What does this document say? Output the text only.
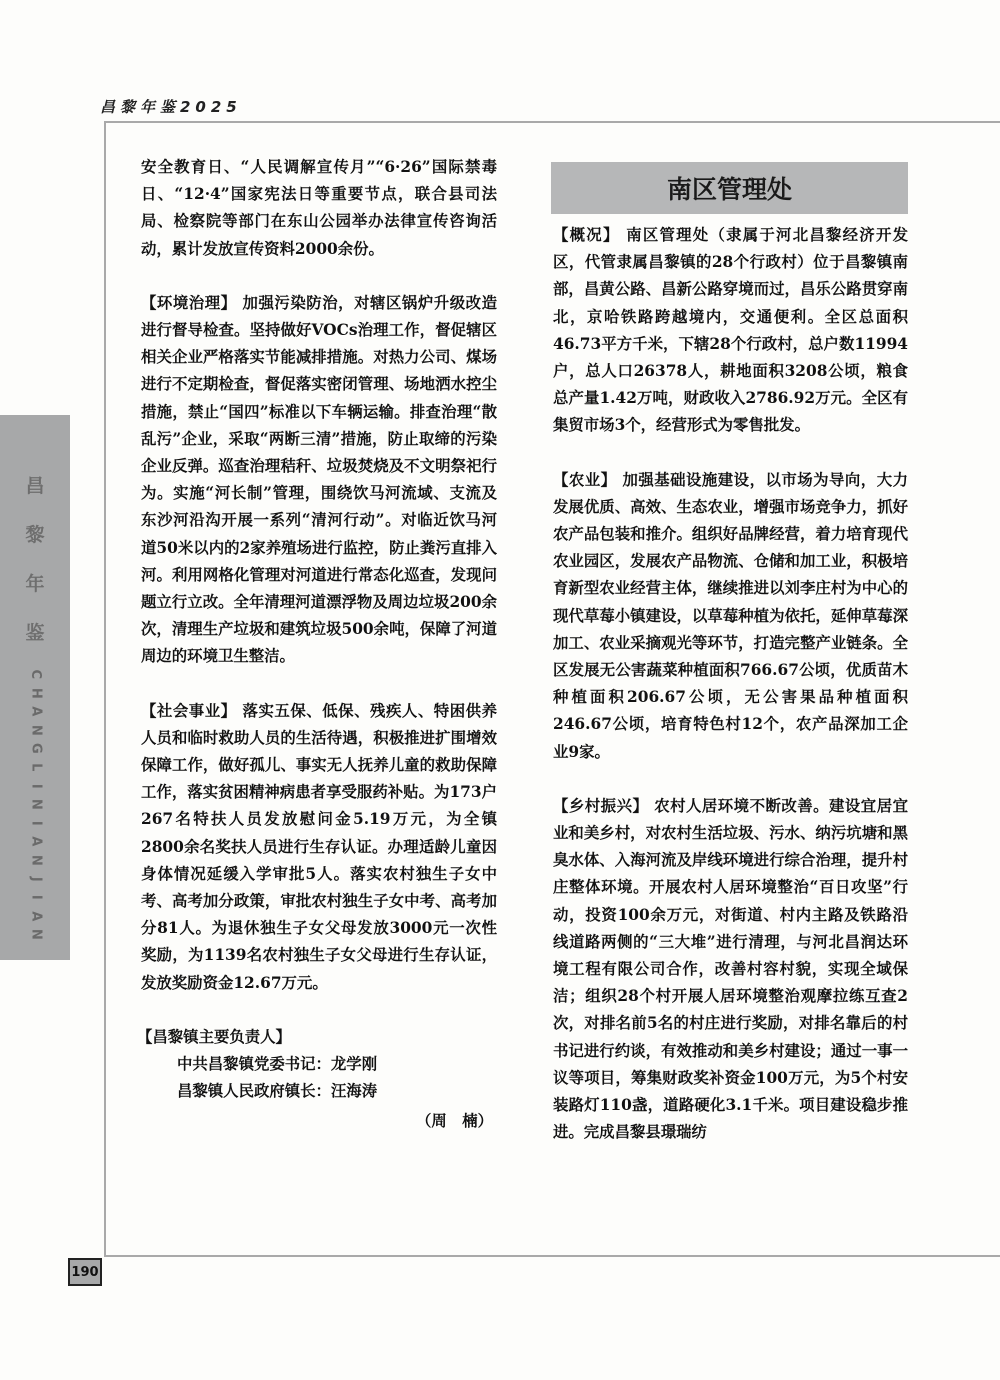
昌黎年鉴2025
昌
黎
年
鉴
C
H
A
N
G
L
I
N
I
A
N
J
I
A
N
190

安全教育日、“人民调解宣传月”“6·26”国际禁毒日、“12·4”国家宪法日等重要节点，联合县司法局、检察院等部门在东山公园举办法律宣传咨询活动，累计发放宣传资料2000余份。

【环境治理】 加强污染防治，对辖区锅炉升级改造进行督导检查。坚持做好VOCs治理工作，督促辖区相关企业严格落实节能减排措施。对热力公司、煤场进行不定期检查，督促落实密闭管理、场地洒水控尘措施，禁止“国四”标准以下车辆运输。排查治理“散乱污”企业，采取“两断三清”措施，防止取缔的污染企业反弹。巡查治理秸秆、垃圾焚烧及不文明祭祀行为。实施“河长制”管理，围绕饮马河流域、支流及东沙河沿沟开展一系列“清河行动”。对临近饮马河道50米以内的2家养殖场进行监控，防止粪污直排入河。利用网格化管理对河道进行常态化巡查，发现问题立行立改。全年清理河道漂浮物及周边垃圾200余次，清理生产垃圾和建筑垃圾500余吨，保障了河道周边的环境卫生整洁。

【社会事业】 落实五保、低保、残疾人、特困供养人员和临时救助人员的生活待遇，积极推进扩围增效保障工作，做好孤儿、事实无人抚养儿童的救助保障工作，落实贫困精神病患者享受服药补贴。为173户267名特扶人员发放慰问金5.19万元，为全镇2800余名奖扶人员进行生存认证。办理适龄儿童因身体情况延缓入学审批5人。落实农村独生子女中考、高考加分政策，审批农村独生子女中考、高考加分81人。为退休独生子女父母发放3000元一次性奖励，为1139名农村独生子女父母进行生存认证，发放奖励资金12.67万元。

【昌黎镇主要负责人】
中共昌黎镇党委书记：龙学刚
昌黎镇人民政府镇长：汪海涛
（周　楠）
南区管理处

【概况】 南区管理处（隶属于河北昌黎经济开发区，代管隶属昌黎镇的28个行政村）位于昌黎镇南部，昌黄公路、昌新公路穿境而过，昌乐公路贯穿南北，京哈铁路跨越境内，交通便利。全区总面积46.73平方千米，下辖28个行政村，总户数11994户，总人口26378人，耕地面积3208公顷，粮食总产量1.42万吨，财政收入2786.92万元。全区有集贸市场3个，经营形式为零售批发。

【农业】 加强基础设施建设，以市场为导向，大力发展优质、高效、生态农业，增强市场竞争力，抓好农产品包装和推介。组织好品牌经营，着力培育现代农业园区，发展农产品物流、仓储和加工业，积极培育新型农业经营主体，继续推进以刘李庄村为中心的现代草莓小镇建设，以草莓种植为依托，延伸草莓深加工、农业采摘观光等环节，打造完整产业链条。全区发展无公害蔬菜种植面积766.67公顷，优质苗木种植面积206.67公顷，无公害果品种植面积246.67公顷，培育特色村12个，农产品深加工企业9家。

【乡村振兴】 农村人居环境不断改善。建设宜居宜业和美乡村，对农村生活垃圾、污水、纳污坑塘和黑臭水体、入海河流及岸线环境进行综合治理，提升村庄整体环境。开展农村人居环境整治“百日攻坚”行动，投资100余万元，对街道、村内主路及铁路沿线道路两侧的“三大堆”进行清理，与河北昌润达环境工程有限公司合作，改善村容村貌，实现全域保洁；组织28个村开展人居环境整治观摩拉练互查2次，对排名前5名的村庄进行奖励，对排名靠后的村书记进行约谈，有效推动和美乡村建设；通过一事一议等项目，筹集财政奖补资金100万元，为5个村安装路灯110盏，道路硬化3.1千米。项目建设稳步推进。完成昌黎县璟瑞纺
